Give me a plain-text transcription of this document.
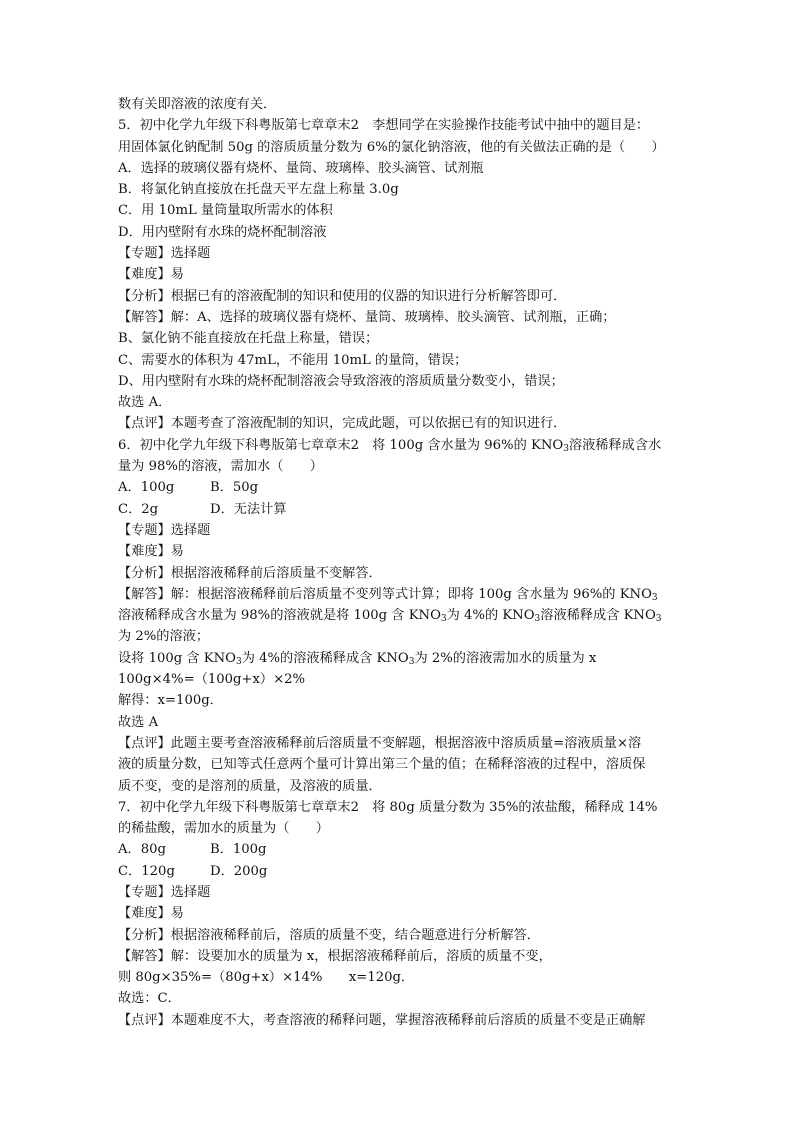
数有关即溶液的浓度有关．
5．初中化学九年级下科粤版第七章章末2　李想同学在实验操作技能考试中抽中的题目是：
用固体氯化钠配制 50g 的溶质质量分数为 6%的氯化钠溶液，他的有关做法正确的是（　　）
A．选择的玻璃仪器有烧杯、量筒、玻璃棒、胶头滴管、试剂瓶
B．将氯化钠直接放在托盘天平左盘上称量 3.0g
C．用 10mL 量筒量取所需水的体积
D．用内壁附有水珠的烧杯配制溶液
【专题】选择题
【难度】易
【分析】根据已有的溶液配制的知识和使用的仪器的知识进行分析解答即可．
【解答】解：A、选择的玻璃仪器有烧杯、量筒、玻璃棒、胶头滴管、试剂瓶，正确；
B、氯化钠不能直接放在托盘上称量，错误；
C、需要水的体积为 47mL，不能用 10mL 的量筒，错误；
D、用内壁附有水珠的烧杯配制溶液会导致溶液的溶质质量分数变小，错误；
故选 A．
【点评】本题考查了溶液配制的知识，完成此题，可以依据已有的知识进行．
6．初中化学九年级下科粤版第七章章末2　将 100g 含水量为 96%的 $KNO_3$溶液稀释成含水
量为 98%的溶液，需加水（　　）
A．100g	B．50g
C．2g	D．无法计算
【专题】选择题
【难度】易
【分析】根据溶液稀释前后溶质量不变解答．
【解答】解：根据溶液稀释前后溶质量不变列等式计算；即将 100g 含水量为 96%的 $KNO_3$
溶液稀释成含水量为 98%的溶液就是将 100g 含 $KNO_3$为 4%的 $KNO_3$溶液稀释成含 $KNO_3$
为 2%的溶液；
设将 100g 含 $KNO_3$为 4%的溶液稀释成含 $KNO_3$为 2%的溶液需加水的质量为 x
100g×4%=（100g+x）×2%
解得：x=100g．
故选 A
【点评】此题主要考查溶液稀释前后溶质量不变解题，根据溶液中溶质质量=溶液质量×溶
液的质量分数，已知等式任意两个量可计算出第三个量的值；在稀释溶液的过程中，溶质保
质不变，变的是溶剂的质量，及溶液的质量．
7．初中化学九年级下科粤版第七章章末2　将 80g 质量分数为 35%的浓盐酸，稀释成 14%
的稀盐酸，需加水的质量为（　　）
A．80g	B．100g
C．120g	D．200g
【专题】选择题
【难度】易
【分析】根据溶液稀释前后，溶质的质量不变，结合题意进行分析解答．
【解答】解：设要加水的质量为 x，根据溶液稀释前后，溶质的质量不变，
则 80g×35%=（80g+x）×14%　　x=120g．
故选：C．
【点评】本题难度不大，考查溶液的稀释问题，掌握溶液稀释前后溶质的质量不变是正确解
